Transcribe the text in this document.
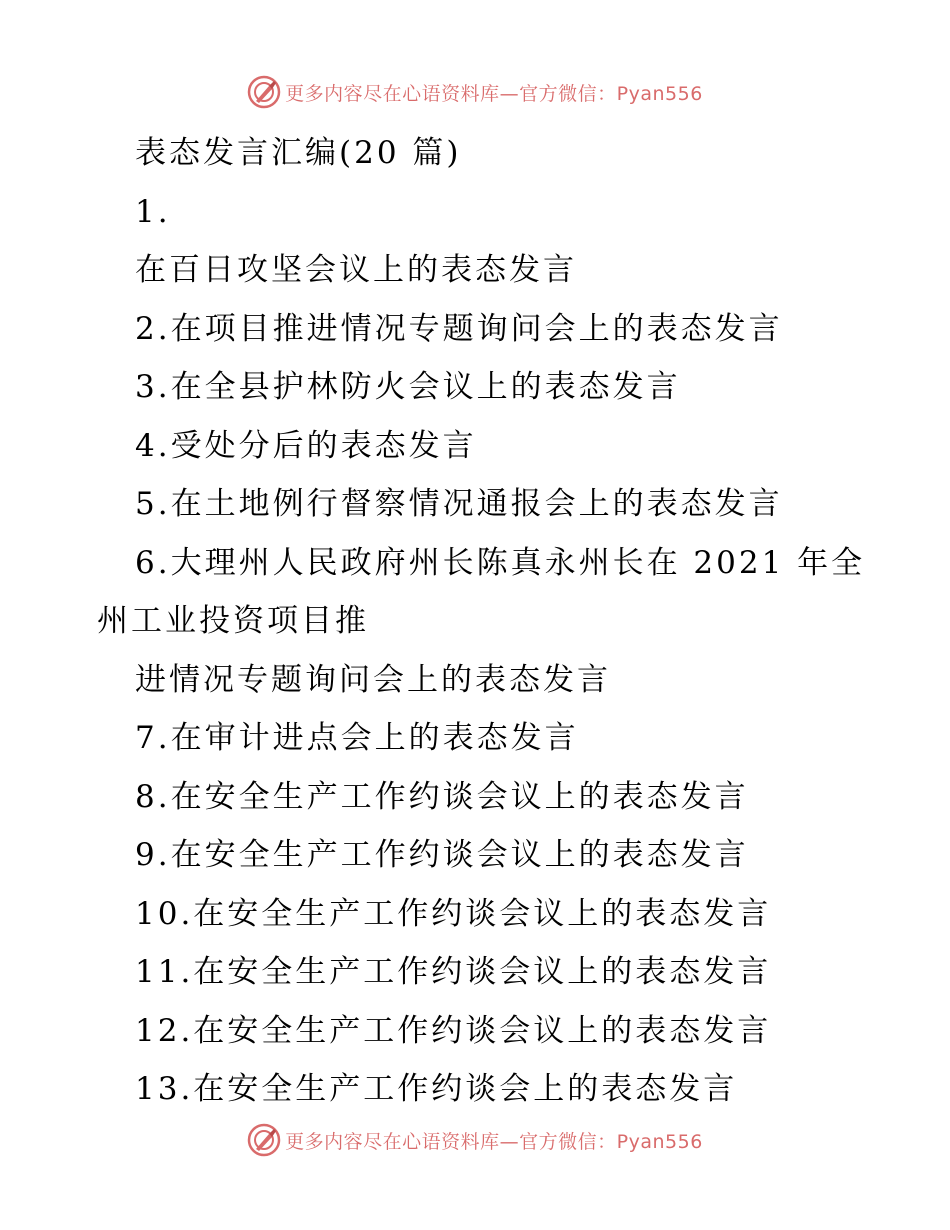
更多内容尽在心语资料库—官方微信：Pyan556
表态发言汇编(20 篇)
1.
在百日攻坚会议上的表态发言
2.在项目推进情况专题询问会上的表态发言
3.在全县护林防火会议上的表态发言
4.受处分后的表态发言
5.在土地例行督察情况通报会上的表态发言
6.大理州人民政府州长陈真永州长在 2021 年全
州工业投资项目推
进情况专题询问会上的表态发言
7.在审计进点会上的表态发言
8.在安全生产工作约谈会议上的表态发言
9.在安全生产工作约谈会议上的表态发言
10.在安全生产工作约谈会议上的表态发言
11.在安全生产工作约谈会议上的表态发言
12.在安全生产工作约谈会议上的表态发言
13.在安全生产工作约谈会上的表态发言
更多内容尽在心语资料库—官方微信：Pyan556
